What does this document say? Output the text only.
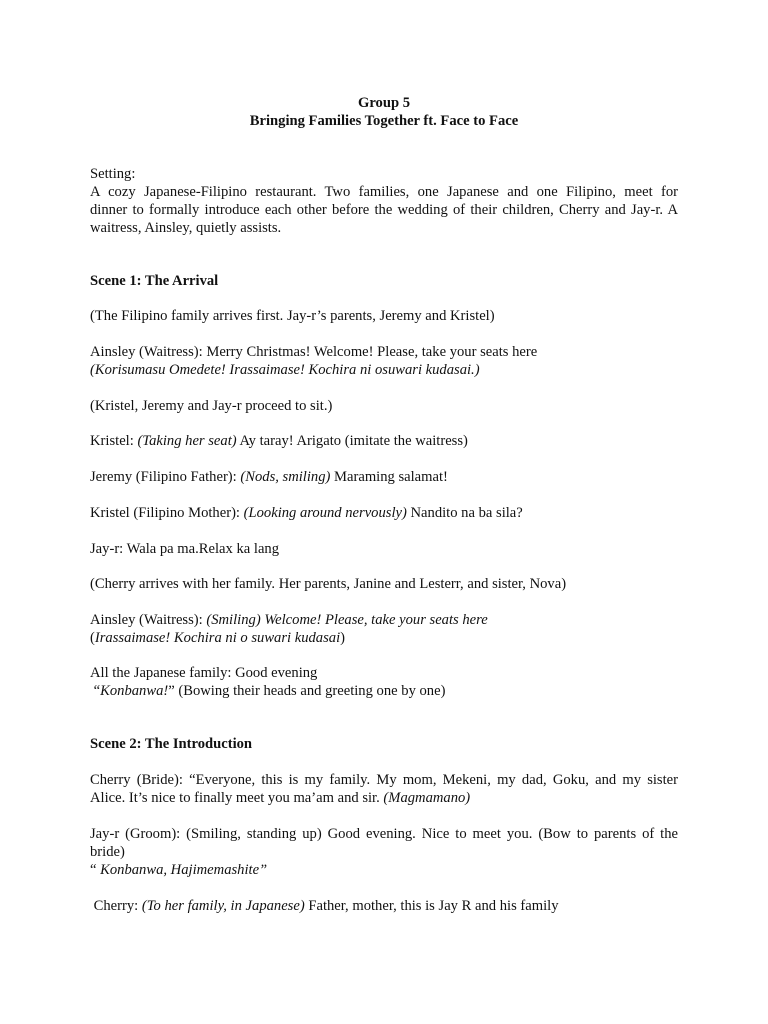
Group 5
Bringing Families Together ft. Face to Face
Setting:
A cozy Japanese-Filipino restaurant. Two families, one Japanese and one Filipino, meet for
dinner to formally introduce each other before the wedding of their children, Cherry and Jay-r. A
waitress, Ainsley, quietly assists.
Scene 1: The Arrival
(The Filipino family arrives first. Jay-r’s parents, Jeremy and Kristel)
Ainsley (Waitress): Merry Christmas! Welcome! Please, take your seats here
(Korisumasu Omedete! Irassaimase! Kochira ni osuwari kudasai.)
(Kristel, Jeremy and Jay-r proceed to sit.)
Kristel: (Taking her seat) Ay taray! Arigato (imitate the waitress)
Jeremy (Filipino Father): (Nods, smiling) Maraming salamat!
Kristel (Filipino Mother): (Looking around nervously) Nandito na ba sila?
Jay-r: Wala pa ma.Relax ka lang
(Cherry arrives with her family. Her parents, Janine and Lesterr, and sister, Nova)
Ainsley (Waitress): (Smiling) Welcome! Please, take your seats here
(Irassaimase! Kochira ni o suwari kudasai)
All the Japanese family: Good evening
“Konbanwa!” (Bowing their heads and greeting one by one)
Scene 2: The Introduction
Cherry (Bride): “Everyone, this is my family. My mom, Mekeni, my dad, Goku, and my sister
Alice. It’s nice to finally meet you ma’am and sir. (Magmamano)
Jay-r (Groom): (Smiling, standing up) Good evening. Nice to meet you. (Bow to parents of the
bride)
“ Konbanwa, Hajimemashite”
Cherry: (To her family, in Japanese) Father, mother, this is Jay R and his family
